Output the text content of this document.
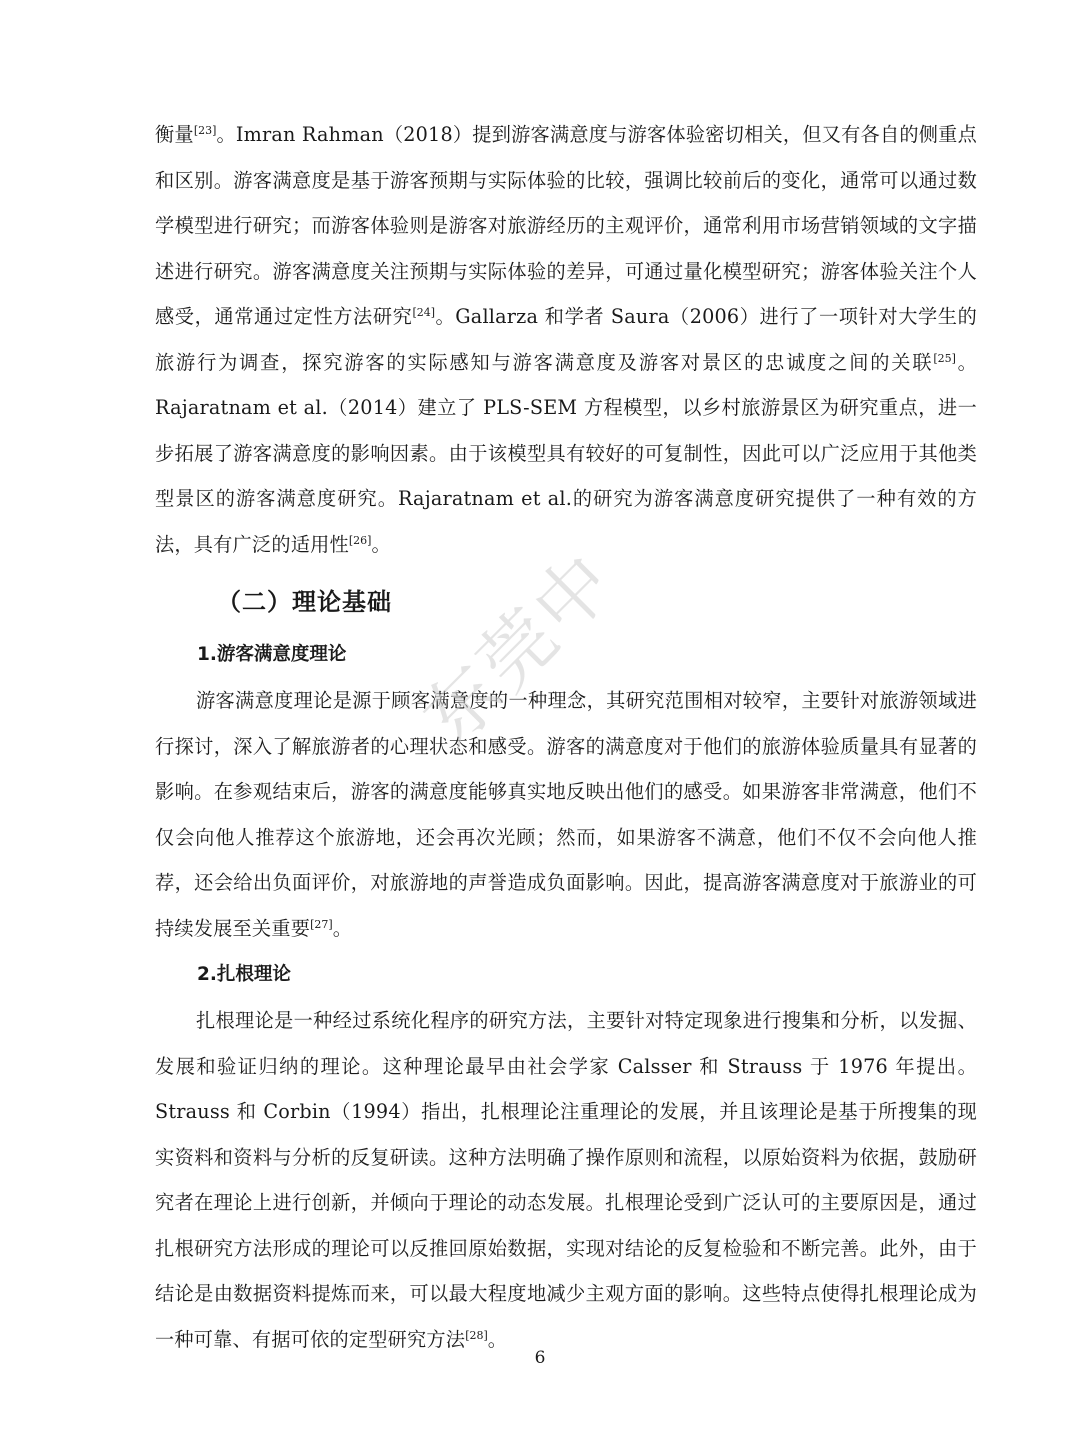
衡量[23]。Imran Rahman（2018）提到游客满意度与游客体验密切相关，但又有各自的侧重点和区别。游客满意度是基于游客预期与实际体验的比较，强调比较前后的变化，通常可以通过数学模型进行研究；而游客体验则是游客对旅游经历的主观评价，通常利用市场营销领域的文字描述进行研究。游客满意度关注预期与实际体验的差异，可通过量化模型研究；游客体验关注个人感受，通常通过定性方法研究[24]。Gallarza 和学者 Saura（2006）进行了一项针对大学生的旅游行为调查，探究游客的实际感知与游客满意度及游客对景区的忠诚度之间的关联[25]。Rajaratnam et al.（2014）建立了 PLS-SEM 方程模型，以乡村旅游景区为研究重点，进一步拓展了游客满意度的影响因素。由于该模型具有较好的可复制性，因此可以广泛应用于其他类型景区的游客满意度研究。Rajaratnam et al.的研究为游客满意度研究提供了一种有效的方法，具有广泛的适用性[26]。

（二）理论基础
1.游客满意度理论

游客满意度理论是源于顾客满意度的一种理念，其研究范围相对较窄，主要针对旅游领域进行探讨，深入了解旅游者的心理状态和感受。游客的满意度对于他们的旅游体验质量具有显著的影响。在参观结束后，游客的满意度能够真实地反映出他们的感受。如果游客非常满意，他们不仅会向他人推荐这个旅游地，还会再次光顾；然而，如果游客不满意，他们不仅不会向他人推荐，还会给出负面评价，对旅游地的声誉造成负面影响。因此，提高游客满意度对于旅游业的可持续发展至关重要[27]。

2.扎根理论

扎根理论是一种经过系统化程序的研究方法，主要针对特定现象进行搜集和分析，以发掘、发展和验证归纳的理论。这种理论最早由社会学家 Calsser 和 Strauss 于 1976 年提出。Strauss 和 Corbin（1994）指出，扎根理论注重理论的发展，并且该理论是基于所搜集的现实资料和资料与分析的反复研读。这种方法明确了操作原则和流程，以原始资料为依据，鼓励研究者在理论上进行创新，并倾向于理论的动态发展。扎根理论受到广泛认可的主要原因是，通过扎根研究方法形成的理论可以反推回原始数据，实现对结论的反复检验和不断完善。此外，由于结论是由数据资料提炼而来，可以最大程度地减少主观方面的影响。这些特点使得扎根理论成为一种可靠、有据可依的定型研究方法[28]。

东莞中
6
